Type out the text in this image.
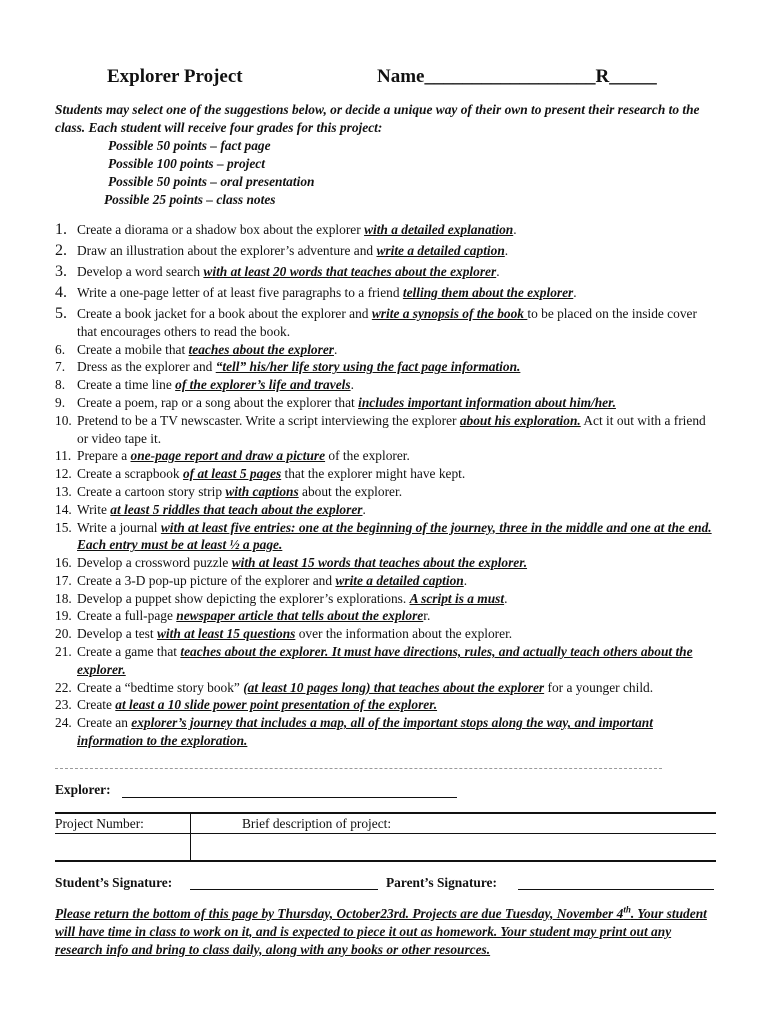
Explorer Project	Name__________________R_____
Students may select one of the suggestions below, or decide a unique way of their own to present their research to the class. Each student will receive four grades for this project:
Possible 50 points – fact page
Possible 100 points – project
Possible 50 points – oral presentation
Possible 25 points – class notes
1. Create a diorama or a shadow box about the explorer with a detailed explanation.
2. Draw an illustration about the explorer’s adventure and write a detailed caption.
3. Develop a word search with at least 20 words that teaches about the explorer.
4. Write a one-page letter of at least five paragraphs to a friend telling them about the explorer.
5. Create a book jacket for a book about the explorer and write a synopsis of the book to be placed on the inside cover that encourages others to read the book.
6. Create a mobile that teaches about the explorer.
7. Dress as the explorer and “tell” his/her life story using the fact page information.
8. Create a time line of the explorer’s life and travels.
9. Create a poem, rap or a song about the explorer that includes important information about him/her.
10. Pretend to be a TV newscaster. Write a script interviewing the explorer about his exploration. Act it out with a friend or video tape it.
11. Prepare a one-page report and draw a picture of the explorer.
12. Create a scrapbook of at least 5 pages that the explorer might have kept.
13. Create a cartoon story strip with captions about the explorer.
14. Write at least 5 riddles that teach about the explorer.
15. Write a journal with at least five entries: one at the beginning of the journey, three in the middle and one at the end. Each entry must be at least ½ a page.
16. Develop a crossword puzzle with at least 15 words that teaches about the explorer.
17. Create a 3-D pop-up picture of the explorer and write a detailed caption.
18. Develop a puppet show depicting the explorer’s explorations. A script is a must.
19. Create a full-page newspaper article that tells about the explorer.
20. Develop a test with at least 15 questions over the information about the explorer.
21. Create a game that teaches about the explorer. It must have directions, rules, and actually teach others about the explorer.
22. Create a “bedtime story book” (at least 10 pages long) that teaches about the explorer for a younger child.
23. Create at least a 10 slide power point presentation of the explorer.
24. Create an explorer’s journey that includes a map, all of the important stops along the way, and important information to the exploration.
Explorer:
Project Number:	Brief description of project:
Student’s Signature:	Parent’s Signature:
Please return the bottom of this page by Thursday, October23rd. Projects are due Tuesday, November 4th. Your student will have time in class to work on it, and is expected to piece it out as homework. Your student may print out any research info and bring to class daily, along with any books or other resources.
